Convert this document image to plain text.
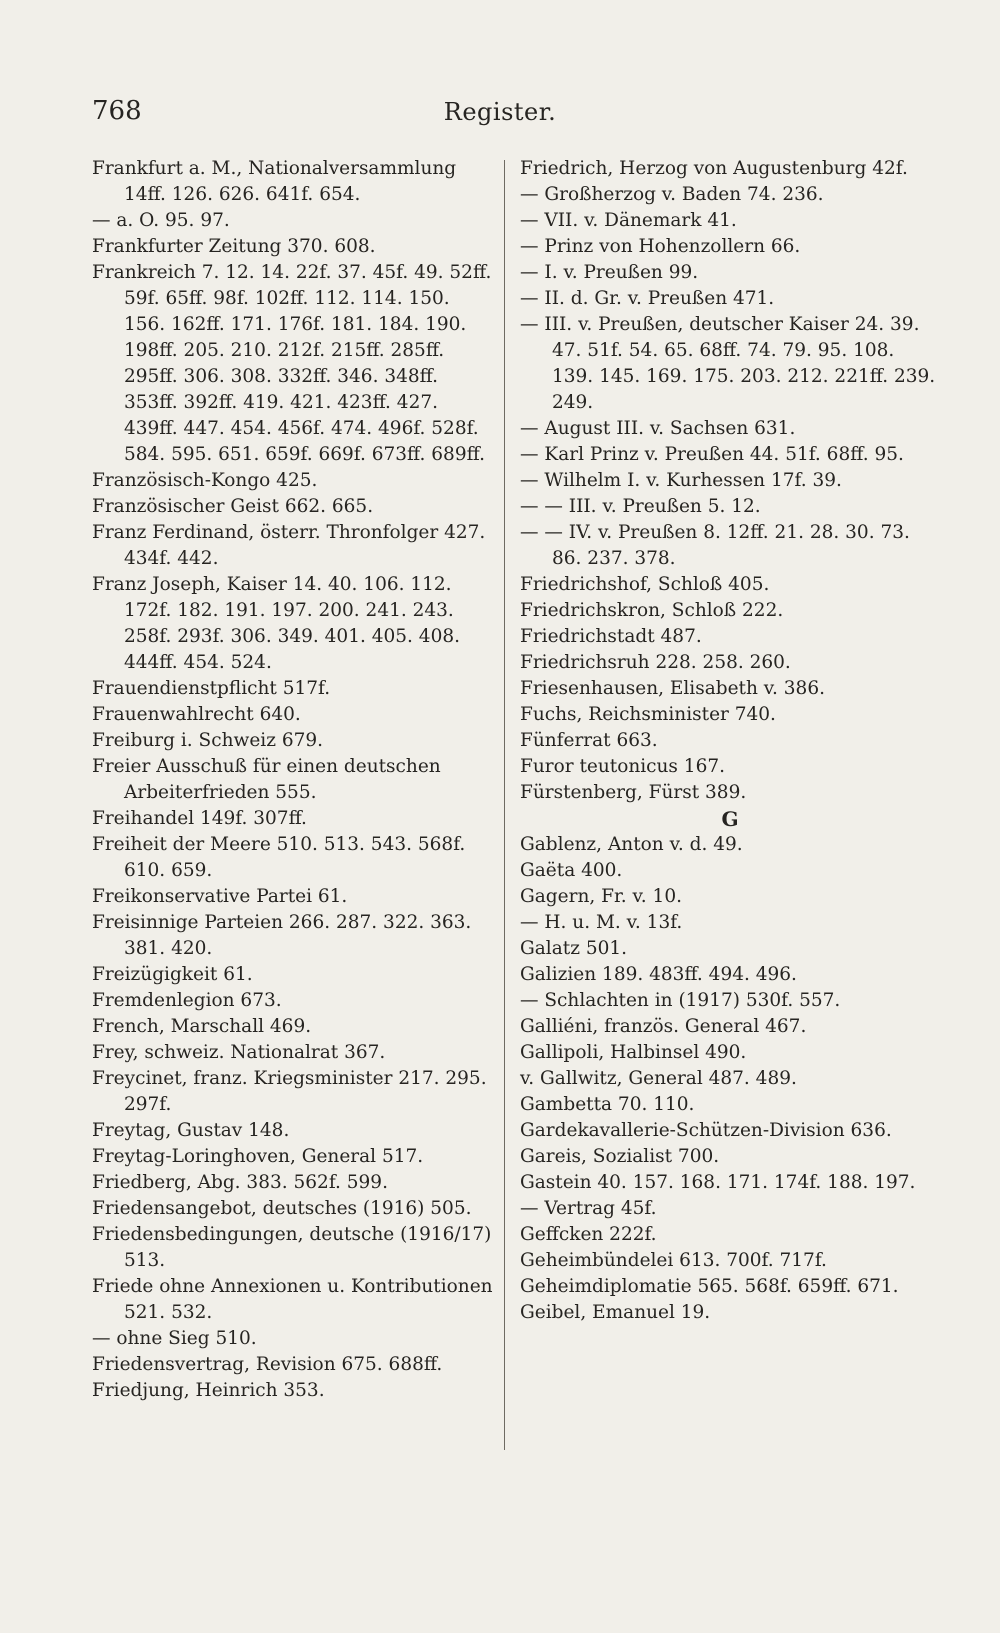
768	Register.
Frankfurt a. M., Nationalversammlung 14ff. 126. 626. 641f. 654.
— a. O. 95. 97.
Frankfurter Zeitung 370. 608.
Frankreich 7. 12. 14. 22f. 37. 45f. 49. 52ff. 59f. 65ff. 98f. 102ff. 112. 114. 150. 156. 162ff. 171. 176f. 181. 184. 190. 198ff. 205. 210. 212f. 215ff. 285ff. 295ff. 306. 308. 332ff. 346. 348ff. 353ff. 392ff. 419. 421. 423ff. 427. 439ff. 447. 454. 456f. 474. 496f. 528f. 584. 595. 651. 659f. 669f. 673ff. 689ff.
Französisch-Kongo 425.
Französischer Geist 662. 665.
Franz Ferdinand, österr. Thronfolger 427. 434f. 442.
Franz Joseph, Kaiser 14. 40. 106. 112. 172f. 182. 191. 197. 200. 241. 243. 258f. 293f. 306. 349. 401. 405. 408. 444ff. 454. 524.
Frauendienstpflicht 517f.
Frauenwahlrecht 640.
Freiburg i. Schweiz 679.
Freier Ausschuß für einen deutschen Arbeiterfrieden 555.
Freihandel 149f. 307ff.
Freiheit der Meere 510. 513. 543. 568f. 610. 659.
Freikonservative Partei 61.
Freisinnige Parteien 266. 287. 322. 363. 381. 420.
Freizügigkeit 61.
Fremdenlegion 673.
French, Marschall 469.
Frey, schweiz. Nationalrat 367.
Freycinet, franz. Kriegsminister 217. 295. 297f.
Freytag, Gustav 148.
Freytag-Loringhoven, General 517.
Friedberg, Abg. 383. 562f. 599.
Friedensangebot, deutsches (1916) 505.
Friedensbedingungen, deutsche (1916/17) 513.
Friede ohne Annexionen u. Kontributionen 521. 532.
— ohne Sieg 510.
Friedensvertrag, Revision 675. 688ff.
Friedjung, Heinrich 353.
Friedrich, Herzog von Augustenburg 42f.
— Großherzog v. Baden 74. 236.
— VII. v. Dänemark 41.
— Prinz von Hohenzollern 66.
— I. v. Preußen 99.
— II. d. Gr. v. Preußen 471.
— III. v. Preußen, deutscher Kaiser 24. 39. 47. 51f. 54. 65. 68ff. 74. 79. 95. 108. 139. 145. 169. 175. 203. 212. 221ff. 239. 249.
— August III. v. Sachsen 631.
— Karl Prinz v. Preußen 44. 51f. 68ff. 95.
— Wilhelm I. v. Kurhessen 17f. 39.
— — III. v. Preußen 5. 12.
— — IV. v. Preußen 8. 12ff. 21. 28. 30. 73. 86. 237. 378.
Friedrichshof, Schloß 405.
Friedrichskron, Schloß 222.
Friedrichstadt 487.
Friedrichsruh 228. 258. 260.
Friesenhausen, Elisabeth v. 386.
Fuchs, Reichsminister 740.
Fünferrat 663.
Furor teutonicus 167.
Fürstenberg, Fürst 389.
G
Gablenz, Anton v. d. 49.
Gaëta 400.
Gagern, Fr. v. 10.
— H. u. M. v. 13f.
Galatz 501.
Galizien 189. 483ff. 494. 496.
— Schlachten in (1917) 530f. 557.
Galliéni, französ. General 467.
Gallipoli, Halbinsel 490.
v. Gallwitz, General 487. 489.
Gambetta 70. 110.
Gardekavallerie-Schützen-Division 636.
Gareis, Sozialist 700.
Gastein 40. 157. 168. 171. 174f. 188. 197.
— Vertrag 45f.
Geffcken 222f.
Geheimbündelei 613. 700f. 717f.
Geheimdiplomatie 565. 568f. 659ff. 671.
Geibel, Emanuel 19.
